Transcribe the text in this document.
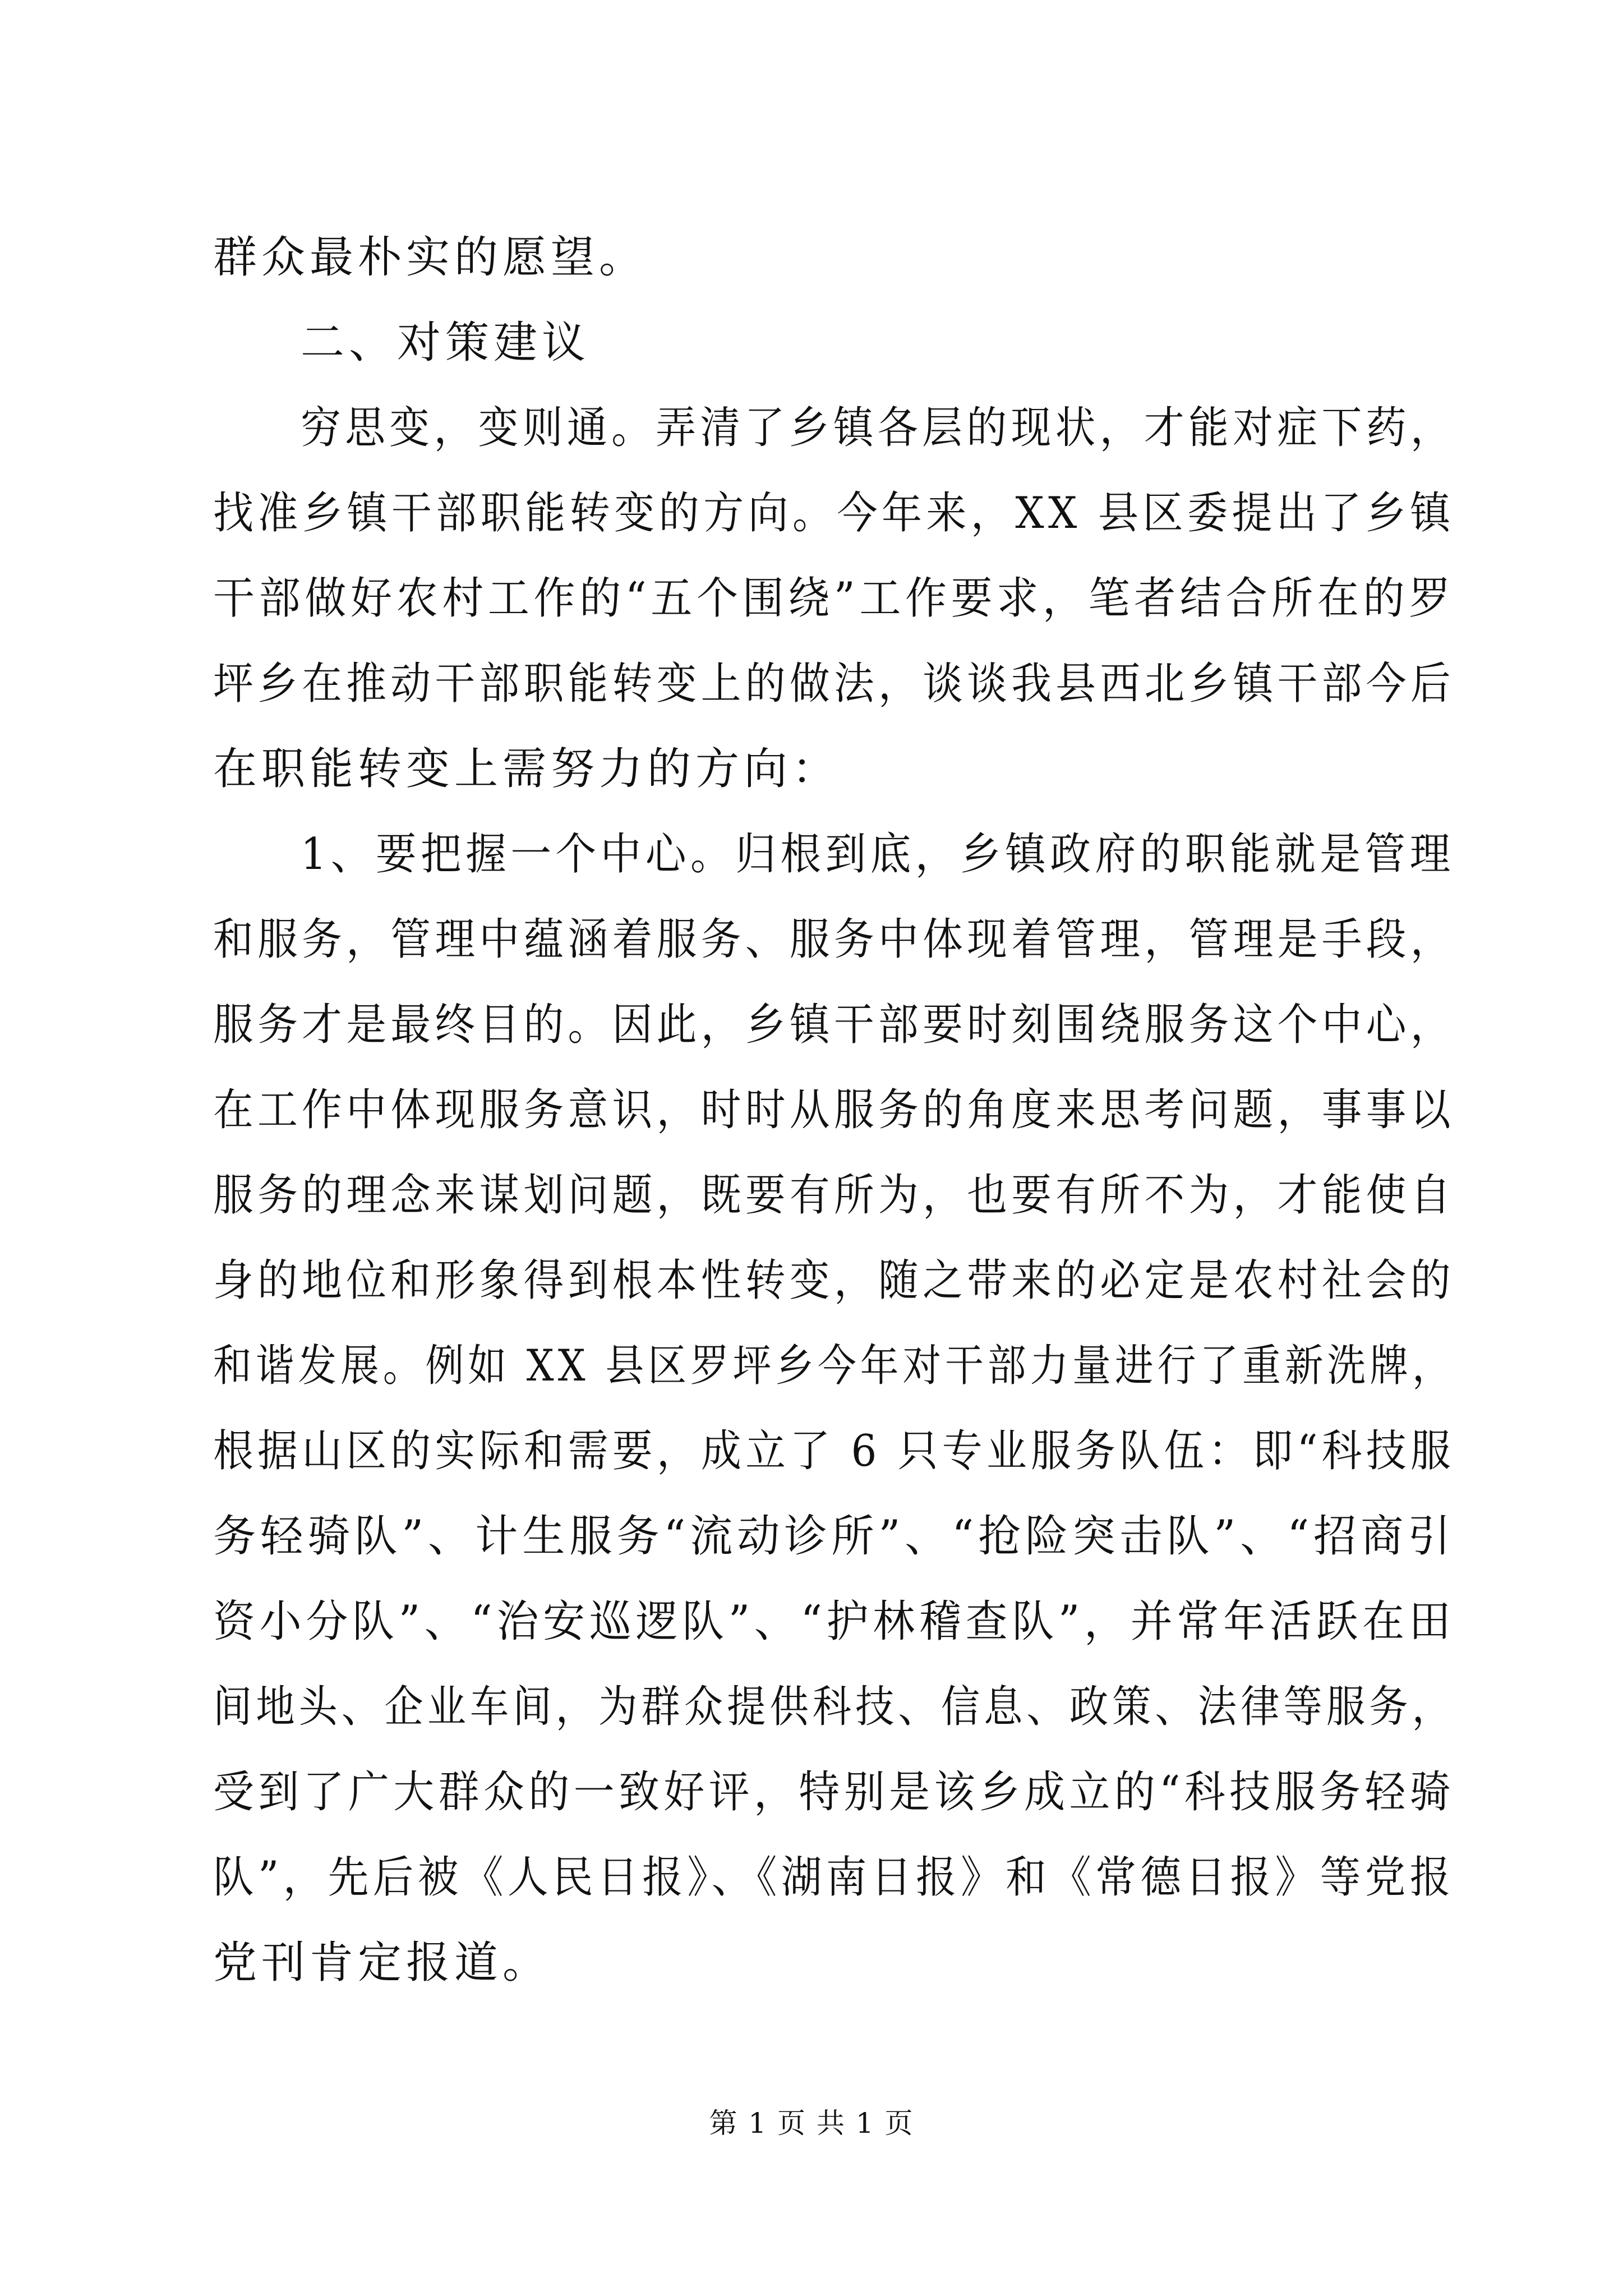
群众最朴实的愿望。
二、对策建议
穷思变，变则通。弄清了乡镇各层的现状，才能对症下药，
找准乡镇干部职能转变的方向。今年来，XX 县区委提出了乡镇
干部做好农村工作的“五个围绕”工作要求，笔者结合所在的罗
坪乡在推动干部职能转变上的做法，谈谈我县西北乡镇干部今后
在职能转变上需努力的方向：
1、要把握一个中心。归根到底，乡镇政府的职能就是管理
和服务，管理中蕴涵着服务、服务中体现着管理，管理是手段，
服务才是最终目的。因此，乡镇干部要时刻围绕服务这个中心，
在工作中体现服务意识，时时从服务的角度来思考问题，事事以
服务的理念来谋划问题，既要有所为，也要有所不为，才能使自
身的地位和形象得到根本性转变，随之带来的必定是农村社会的
和谐发展。例如 XX 县区罗坪乡今年对干部力量进行了重新洗牌，
根据山区的实际和需要，成立了 6 只专业服务队伍：即“科技服
务轻骑队”、计生服务“流动诊所”、“抢险突击队”、“招商引
资小分队”、“治安巡逻队”、“护林稽查队”，并常年活跃在田
间地头、企业车间，为群众提供科技、信息、政策、法律等服务，
受到了广大群众的一致好评，特别是该乡成立的“科技服务轻骑
队”，先后被《人民日报》、《湖南日报》和《常德日报》等党报
党刊肯定报道。
第 1 页 共 1 页
